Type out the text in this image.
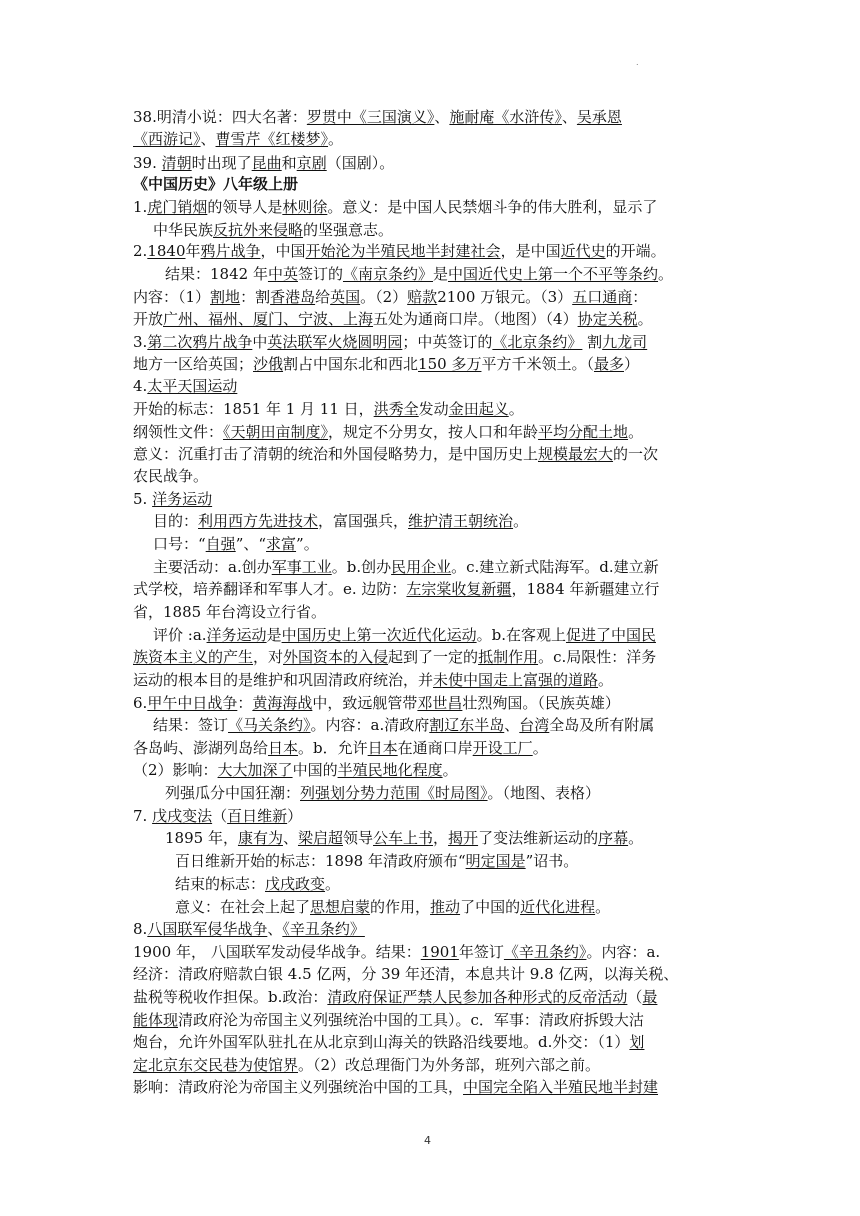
.
38.明清小说：四大名著：罗贯中《三国演义》、施耐庵《水浒传》、吴承恩
《西游记》、曹雪芹《红楼梦》。
39. 清朝时出现了昆曲和京剧（国剧）。
《中国历史》八年级上册
1.虎门销烟的领导人是林则徐。意义：是中国人民禁烟斗争的伟大胜利，显示了
中华民族反抗外来侵略的坚强意志。
2.1840年鸦片战争，中国开始沦为半殖民地半封建社会，是中国近代史的开端。
结果：1842 年中英签订的《南京条约》是中国近代史上第一个不平等条约。
内容：（1）割地：割香港岛给英国。（2）赔款2100 万银元。（3）五口通商：
开放广州、福州、厦门、宁波、上海五处为通商口岸。（地图）（4）协定关税。
3.第二次鸦片战争中英法联军火烧圆明园；中英签订的《北京条约》 割九龙司
地方一区给英国；沙俄割占中国东北和西北150 多万平方千米领土。（最多）
4.太平天国运动
开始的标志：1851 年 1 月 11 日，洪秀全发动金田起义。
纲领性文件：《天朝田亩制度》，规定不分男女，按人口和年龄平均分配土地。
意义：沉重打击了清朝的统治和外国侵略势力，是中国历史上规模最宏大的一次
农民战争。
5. 洋务运动
目的：利用西方先进技术，富国强兵，维护清王朝统治。
口号：“自强”、“求富”。
主要活动：a.创办军事工业。b.创办民用企业。c.建立新式陆海军。d.建立新
式学校，培养翻译和军事人才。e. 边防：左宗棠收复新疆，1884 年新疆建立行
省，1885 年台湾设立行省。
评价 :a.洋务运动是中国历史上第一次近代化运动。b.在客观上促进了中国民
族资本主义的产生，对外国资本的入侵起到了一定的抵制作用。c.局限性：洋务
运动的根本目的是维护和巩固清政府统治，并未使中国走上富强的道路。
6.甲午中日战争：黄海海战中，致远舰管带邓世昌壮烈殉国。（民族英雄）
结果：签订《马关条约》。内容：a.清政府割辽东半岛、台湾全岛及所有附属
各岛屿、澎湖列岛给日本。b．允许日本在通商口岸开设工厂。
（2）影响：大大加深了中国的半殖民地化程度。
列强瓜分中国狂潮：列强划分势力范围《时局图》。（地图、表格）
7. 戊戌变法（百日维新）
1895 年，康有为、梁启超领导公车上书，揭开了变法维新运动的序幕。
百日维新开始的标志：1898 年清政府颁布“明定国是”诏书。
结束的标志：戊戌政变。
意义：在社会上起了思想启蒙的作用，推动了中国的近代化进程。
8.八国联军侵华战争、《辛丑条约》
1900 年， 八国联军发动侵华战争。结果：1901年签订《辛丑条约》。内容：a.
经济：清政府赔款白银 4.5 亿两，分 39 年还清，本息共计 9.8 亿两，以海关税、
盐税等税收作担保。b.政治：清政府保证严禁人民参加各种形式的反帝活动（最
能体现清政府沦为帝国主义列强统治中国的工具）。c．军事：清政府拆毁大沽
炮台，允许外国军队驻扎在从北京到山海关的铁路沿线要地。d.外交：（1）划
定北京东交民巷为使馆界。（2）改总理衙门为外务部，班列六部之前。
影响：清政府沦为帝国主义列强统治中国的工具，中国完全陷入半殖民地半封建
4
